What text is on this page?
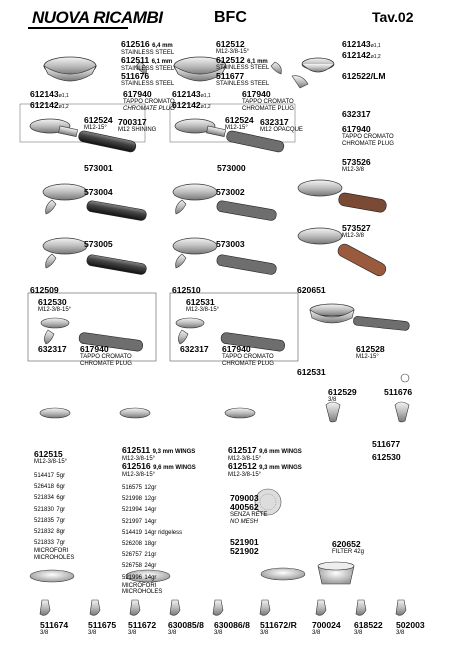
NUOVA RICAMBI	BFC	Tav.02
612516 6,4 mm
STAINLESS STEEL
612511 6,1 mm
STAINLESS STEEL
511676
STAINLESS STEEL
617940
TAPPO CROMATO
CHROMATE PLUG
612143ø1,1
612142ø1,2
612524
M12-15°
700317
M12 SHINING
573001
612512
M12-3/8-15°
612512 6,1 mm
STAINLESS STEEL
511677
STAINLESS STEEL
617940
TAPPO CROMATO
CHROMATE PLUG
612143ø1,1
612142ø1,2
612524
M12-15°
632317
M12 OPACQUE
573000
612143ø1,1
612142ø1,2
612522/LM
632317
617940
TAPPO CROMATO
CHROMATE PLUG
573004	573002
573005	573003
573526
M12-3/8
573527
M12-3/8
612509
612530
M12-3/8-15°
632317 617940
TAPPO CROMATO
CHROMATE PLUG
612510
612531
M12-3/8-15°
632317 617940
TAPPO CROMATO
CHROMATE PLUG
620651
612528
M12-15°
612531
612529
3/8
511676
511677
612530
612515
M12-3/8-15°
514417 5gr
526418 6gr
521834 6gr
521830 7gr
521835 7gr
521832 8gr
521833 7gr
MICROFORI
MICROHOLES
612511 9,3 mm WINGS
M12-3/8-15°
612516 9,6 mm WINGS
M12-3/8-15°
516575 12gr
521998 12gr
521994 14gr
521997 14gr
514419 14gr ridgeless
526208 18gr
526757 21gr
526758 24gr
521996 14gr
MICROFORI
MICROHOLES
612517 9,6 mm WINGS
M12-3/8-15°
612512 9,3 mm WINGS
M12-3/8-15°
709003
400562
SENZA RETE
NO MESH
521901
521902
620652
FILTER 42g
511674
3/8
511675
3/8
511672
3/8
630085/8
3/8
630086/8
3/8
511672/R
3/8
700024
3/8
618522
3/8
502003
3/8
